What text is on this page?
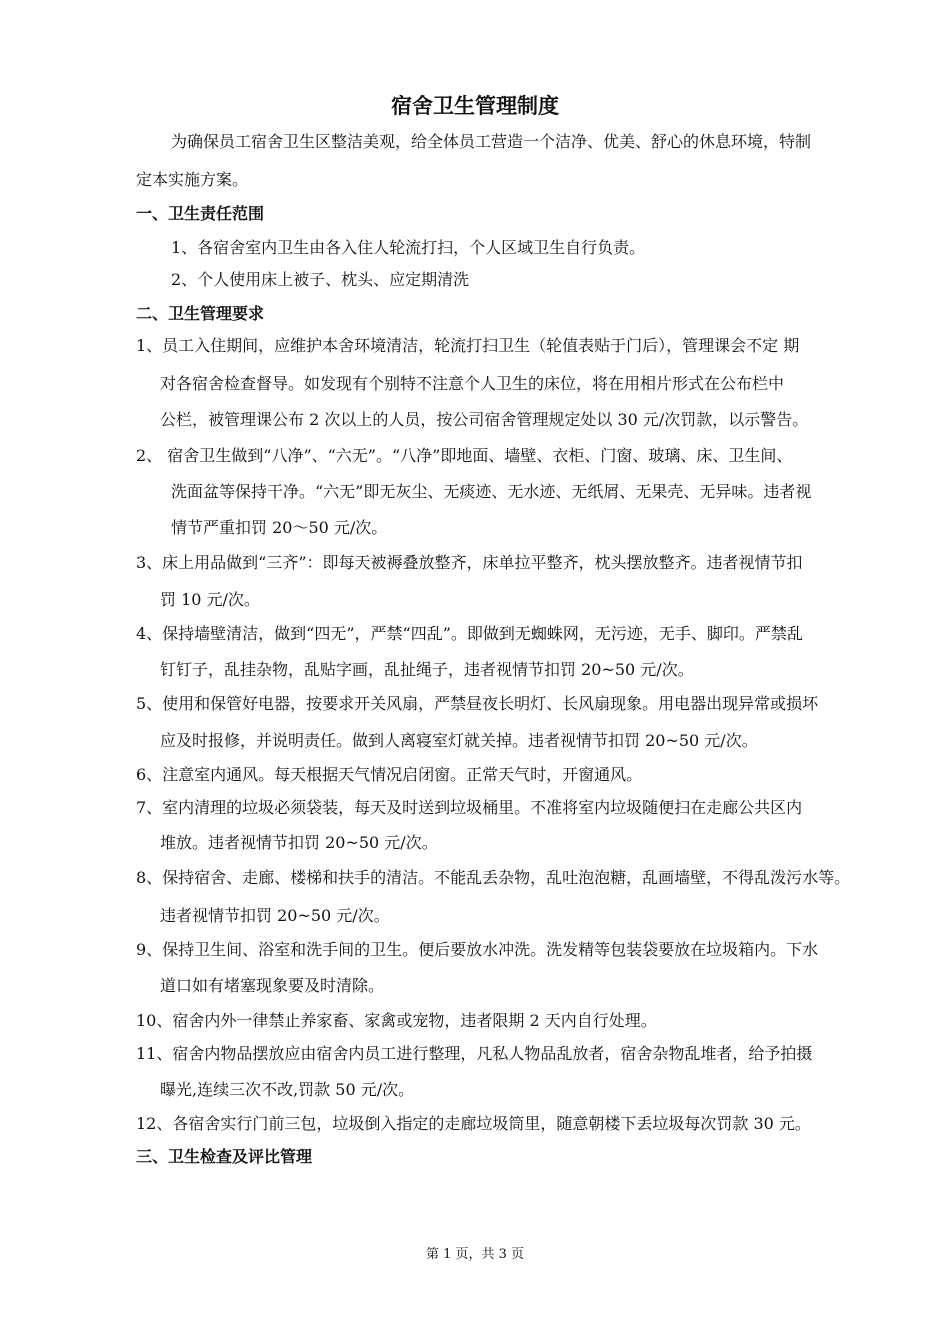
宿舍卫生管理制度
为确保员工宿舍卫生区整洁美观，给全体员工营造一个洁净、优美、舒心的休息环境，特制
定本实施方案。
一、卫生责任范围
1、各宿舍室内卫生由各入住人轮流打扫，个人区域卫生自行负责。
2、个人使用床上被子、枕头、应定期清洗
二、卫生管理要求
1、员工入住期间，应维护本舍环境清洁，轮流打扫卫生（轮值表贴于门后），管理课会不定 期
对各宿舍检查督导。如发现有个别特不注意个人卫生的床位，将在用相片形式在公布栏中
公栏，被管理课公布 2 次以上的人员，按公司宿舍管理规定处以 30 元/次罚款，以示警告。
2、 宿舍卫生做到“八净”、“六无”。“八净”即地面、墙壁、衣柜、门窗、玻璃、床、卫生间、
洗面盆等保持干净。“六无”即无灰尘、无痰迹、无水迹、无纸屑、无果壳、无异味。违者视
情节严重扣罚 20～50 元/次。
3、床上用品做到“三齐”：即每天被褥叠放整齐，床单拉平整齐，枕头摆放整齐。违者视情节扣
罚 10 元/次。
4、保持墙壁清洁，做到“四无”，严禁“四乱”。即做到无蜘蛛网，无污迹，无手、脚印。严禁乱
钉钉子，乱挂杂物，乱贴字画，乱扯绳子，违者视情节扣罚 20~50 元/次。
5、使用和保管好电器，按要求开关风扇，严禁昼夜长明灯、长风扇现象。用电器出现异常或损坏
应及时报修，并说明责任。做到人离寝室灯就关掉。违者视情节扣罚 20~50 元/次。
6、注意室内通风。每天根据天气情况启闭窗。正常天气时，开窗通风。
7、室内清理的垃圾必须袋装，每天及时送到垃圾桶里。不准将室内垃圾随便扫在走廊公共区内
堆放。违者视情节扣罚 20~50 元/次。
8、保持宿舍、走廊、楼梯和扶手的清洁。不能乱丢杂物，乱吐泡泡糖，乱画墙壁，不得乱泼污水等。
违者视情节扣罚 20~50 元/次。
9、保持卫生间、浴室和洗手间的卫生。便后要放水冲洗。洗发精等包装袋要放在垃圾箱内。下水
道口如有堵塞现象要及时清除。
10、宿舍内外一律禁止养家畜、家禽或宠物，违者限期 2 天内自行处理。
11、宿舍内物品摆放应由宿舍内员工进行整理，凡私人物品乱放者，宿舍杂物乱堆者，给予拍摄
曝光,连续三次不改,罚款 50 元/次。
12、各宿舍实行门前三包，垃圾倒入指定的走廊垃圾筒里，随意朝楼下丢垃圾每次罚款 30 元。
三、卫生检查及评比管理
第 1 页，共 3 页
